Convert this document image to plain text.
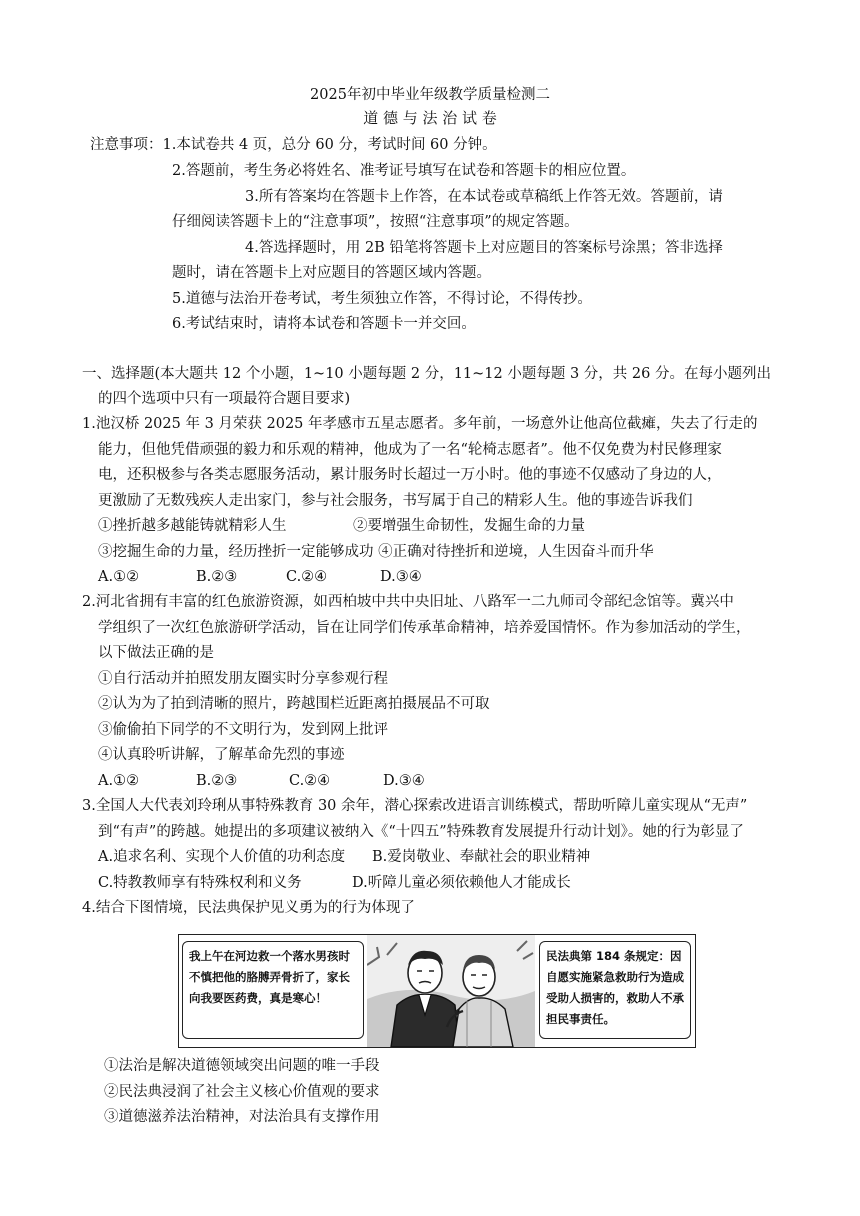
2025年初中毕业年级教学质量检测二
道 德 与 法 治 试 卷
注意事项：1.本试卷共 4 页，总分 60 分，考试时间 60 分钟。
2.答题前，考生务必将姓名、准考证号填写在试卷和答题卡的相应位置。
3.所有答案均在答题卡上作答，在本试卷或草稿纸上作答无效。答题前，请
仔细阅读答题卡上的“注意事项”，按照“注意事项”的规定答题。
4.答选择题时，用 2B 铅笔将答题卡上对应题目的答案标号涂黑；答非选择
题时，请在答题卡上对应题目的答题区域内答题。
5.道德与法治开卷考试，考生须独立作答，不得讨论，不得传抄。
6.考试结束时，请将本试卷和答题卡一并交回。
一、选择题(本大题共 12 个小题，1~10 小题每题 2 分，11~12 小题每题 3 分，共 26 分。在每小题列出
的四个选项中只有一项最符合题目要求)
1.池汉桥 2025 年 3 月荣获 2025 年孝感市五星志愿者。多年前，一场意外让他高位截瘫，失去了行走的
能力，但他凭借顽强的毅力和乐观的精神，他成为了一名“轮椅志愿者”。他不仅免费为村民修理家
电，还积极参与各类志愿服务活动，累计服务时长超过一万小时。他的事迹不仅感动了身边的人，
更激励了无数残疾人走出家门，参与社会服务，书写属于自己的精彩人生。他的事迹告诉我们
①挫折越多越能铸就精彩人生	②要增强生命韧性，发掘生命的力量
③挖掘生命的力量，经历挫折一定能够成功 ④正确对待挫折和逆境，人生因奋斗而升华
A.①②	B.②③	C.②④	D.③④
2.河北省拥有丰富的红色旅游资源，如西柏坡中共中央旧址、八路军一二九师司令部纪念馆等。冀兴中
学组织了一次红色旅游研学活动，旨在让同学们传承革命精神，培养爱国情怀。作为参加活动的学生，
以下做法正确的是
①自行活动并拍照发朋友圈实时分享参观行程
②认为为了拍到清晰的照片，跨越围栏近距离拍摄展品不可取
③偷偷拍下同学的不文明行为，发到网上批评
④认真聆听讲解，了解革命先烈的事迹
A.①②	B.②③	C.②④	D.③④
3.全国人大代表刘玲琍从事特殊教育 30 余年，潜心探索改进语言训练模式，帮助听障儿童实现从“无声”
到“有声”的跨越。她提出的多项建议被纳入《“十四五”特殊教育发展提升行动计划》。她的行为彰显了
A.追求名利、实现个人价值的功利态度 B.爱岗敬业、奉献社会的职业精神
C.特教教师享有特殊权利和义务	D.听障儿童必须依赖他人才能成长
4.结合下图情境，民法典保护见义勇为的行为体现了
我上午在河边救一个落水男孩时不慎把他的胳膊弄骨折了，家长向我要医药费，真是寒心！
民法典第 184 条规定：因自愿实施紧急救助行为造成受助人损害的，救助人不承担民事责任。
①法治是解决道德领域突出问题的唯一手段
②民法典浸润了社会主义核心价值观的要求
③道德滋养法治精神，对法治具有支撑作用
